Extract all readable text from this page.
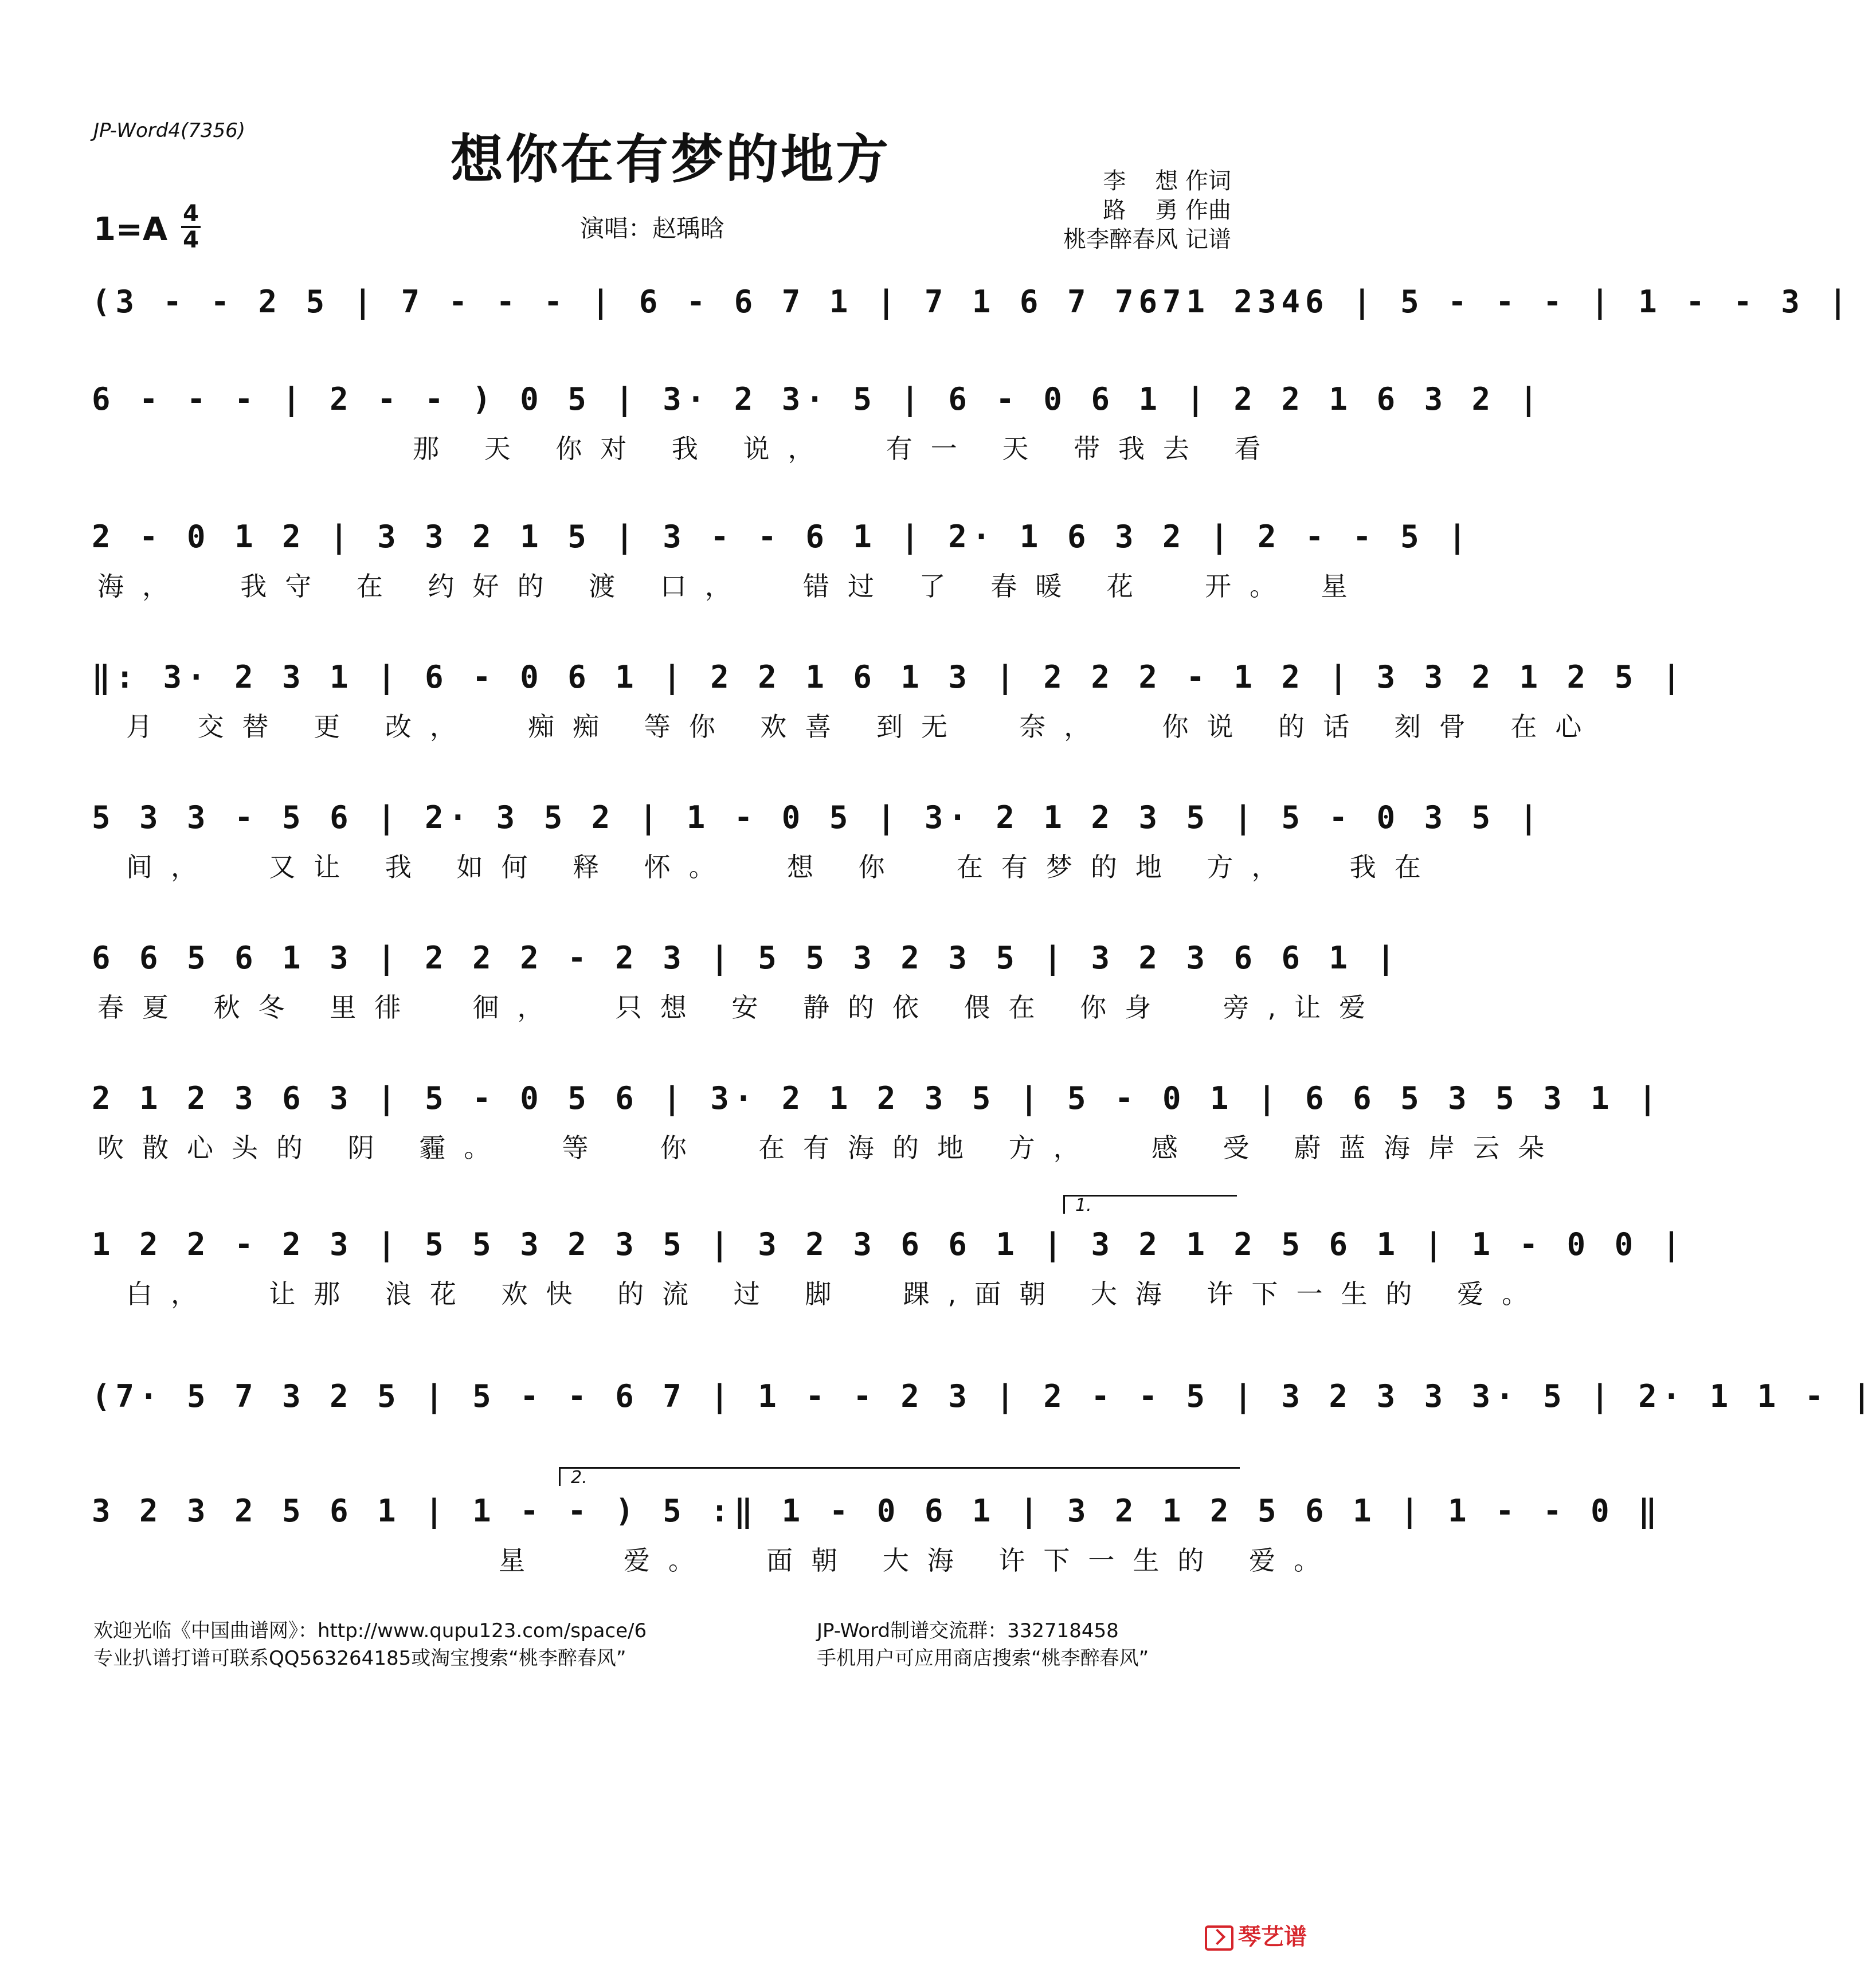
JP-Word4(7356)	想你在有梦的地方
1=A 4
4	演唱：赵瑀晗
李    想 作词
路    勇 作曲
桃李醉春风 记谱
(3 - - 2 5 | 7 - - - | 6 - 6 7 1 | 7 1 6 7 7671 2346 | 5 - - - | 1 - - 3 |
6 - - - | 2 - - ) 0 5 | 3· 2 3· 5 | 6 - 0 6 1 | 2 2 1 6 3 2 |
那 天 你对 我 说，  有一 天 带我去 看
2 - 0 1 2 | 3 3 2 1 5 | 3 - - 6 1 | 2· 1 6 3 2 | 2 - - 5 |
海，  我守 在 约好的 渡 口，  错过 了 春暖 花  开。 星
‖: 3· 2 3 1 | 6 - 0 6 1 | 2 2 1 6 1 3 | 2 2 2 - 1 2 | 3 3 2 1 2 5 |
月 交替 更 改，  痴痴 等你 欢喜 到无  奈，  你说 的话 刻骨 在心
5 3 3 - 5 6 | 2· 3 5 2 | 1 - 0 5 | 3· 2 1 2 3 5 | 5 - 0 3 5 |
间，  又让 我 如何 释 怀。  想 你  在有梦的地 方，  我在
6 6 5 6 1 3 | 2 2 2 - 2 3 | 5 5 3 2 3 5 | 3 2 3 6 6 1 |
春夏 秋冬 里徘  徊，  只想 安 静的依 偎在 你身  旁,让爱
2 1 2 3 6 3 | 5 - 0 5 6 | 3· 2 1 2 3 5 | 5 - 0 1 | 6 6 5 3 5 3 1 |
吹散心头的 阴 霾。  等  你  在有海的地 方，  感 受 蔚蓝海岸云朵
1.
1 2 2 - 2 3 | 5 5 3 2 3 5 | 3 2 3 6 6 1 | 3 2 1 2 5 6 1 | 1 - 0 0 |
白，  让那 浪花 欢快 的流 过 脚  踝,面朝 大海 许下一生的 爱。
(7· 5 7 3 2 5 | 5 - - 6 7 | 1 - - 2 3 | 2 - - 5 | 3 2 3 3 3· 5 | 2· 1 1 - |
2.
3 2 3 2 5 6 1 | 1 - - ) 5 :‖ 1 - 0 6 1 | 3 2 1 2 5 6 1 | 1 - - 0 ‖
星   爱。  面朝 大海 许下一生的 爱。
欢迎光临《中国曲谱网》：http://www.qupu123.com/space/6
专业扒谱打谱可联系QQ563264185或淘宝搜索“桃李醉春风”
JP-Word制谱交流群：332718458
手机用户可应用商店搜索“桃李醉春风”
琴艺谱
